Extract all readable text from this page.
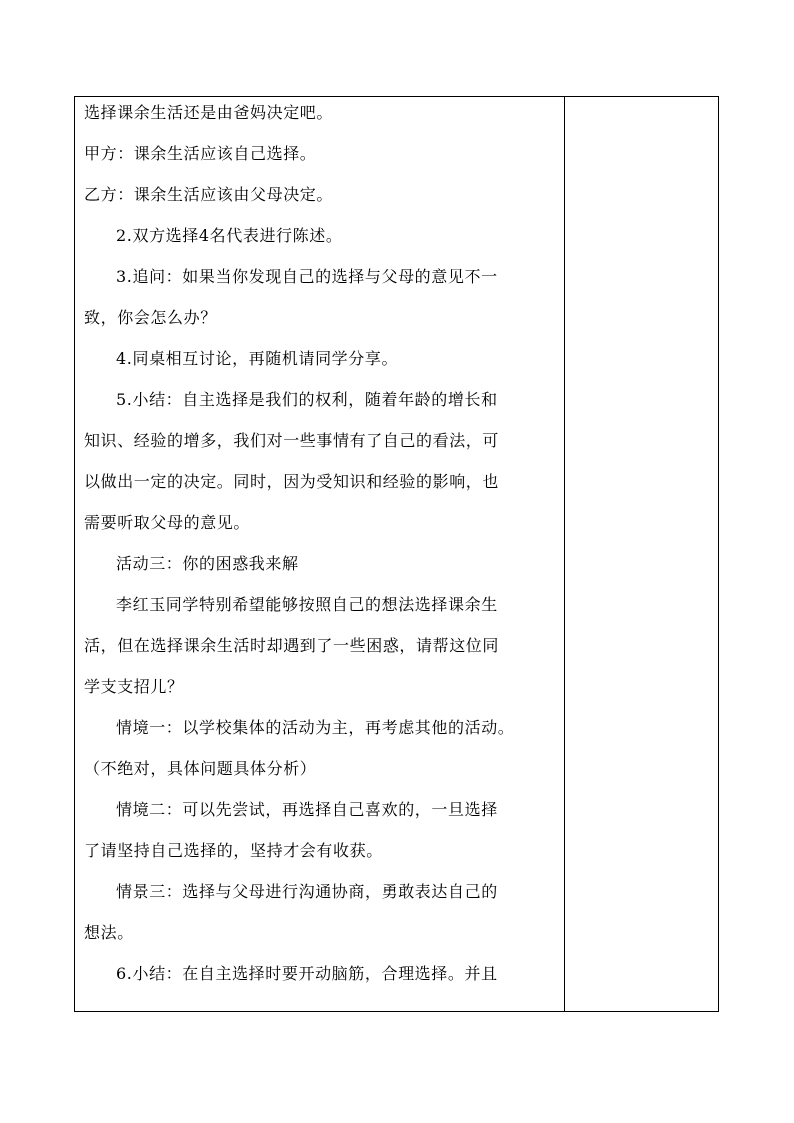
选择课余生活还是由爸妈决定吧。

甲方：课余生活应该自己选择。

乙方：课余生活应该由父母决定。

2.双方选择4名代表进行陈述。

3.追问：如果当你发现自己的选择与父母的意见不一

致，你会怎么办？

4.同桌相互讨论，再随机请同学分享。

5.小结：自主选择是我们的权利，随着年龄的增长和

知识、经验的增多，我们对一些事情有了自己的看法，可

以做出一定的决定。同时，因为受知识和经验的影响，也

需要听取父母的意见。

活动三：你的困惑我来解

李红玉同学特别希望能够按照自己的想法选择课余生

活，但在选择课余生活时却遇到了一些困惑，请帮这位同

学支支招儿？

情境一：以学校集体的活动为主，再考虑其他的活动。

（不绝对，具体问题具体分析）

情境二：可以先尝试，再选择自己喜欢的，一旦选择

了请坚持自己选择的，坚持才会有收获。

情景三：选择与父母进行沟通协商，勇敢表达自己的

想法。

6.小结：在自主选择时要开动脑筋，合理选择。并且
